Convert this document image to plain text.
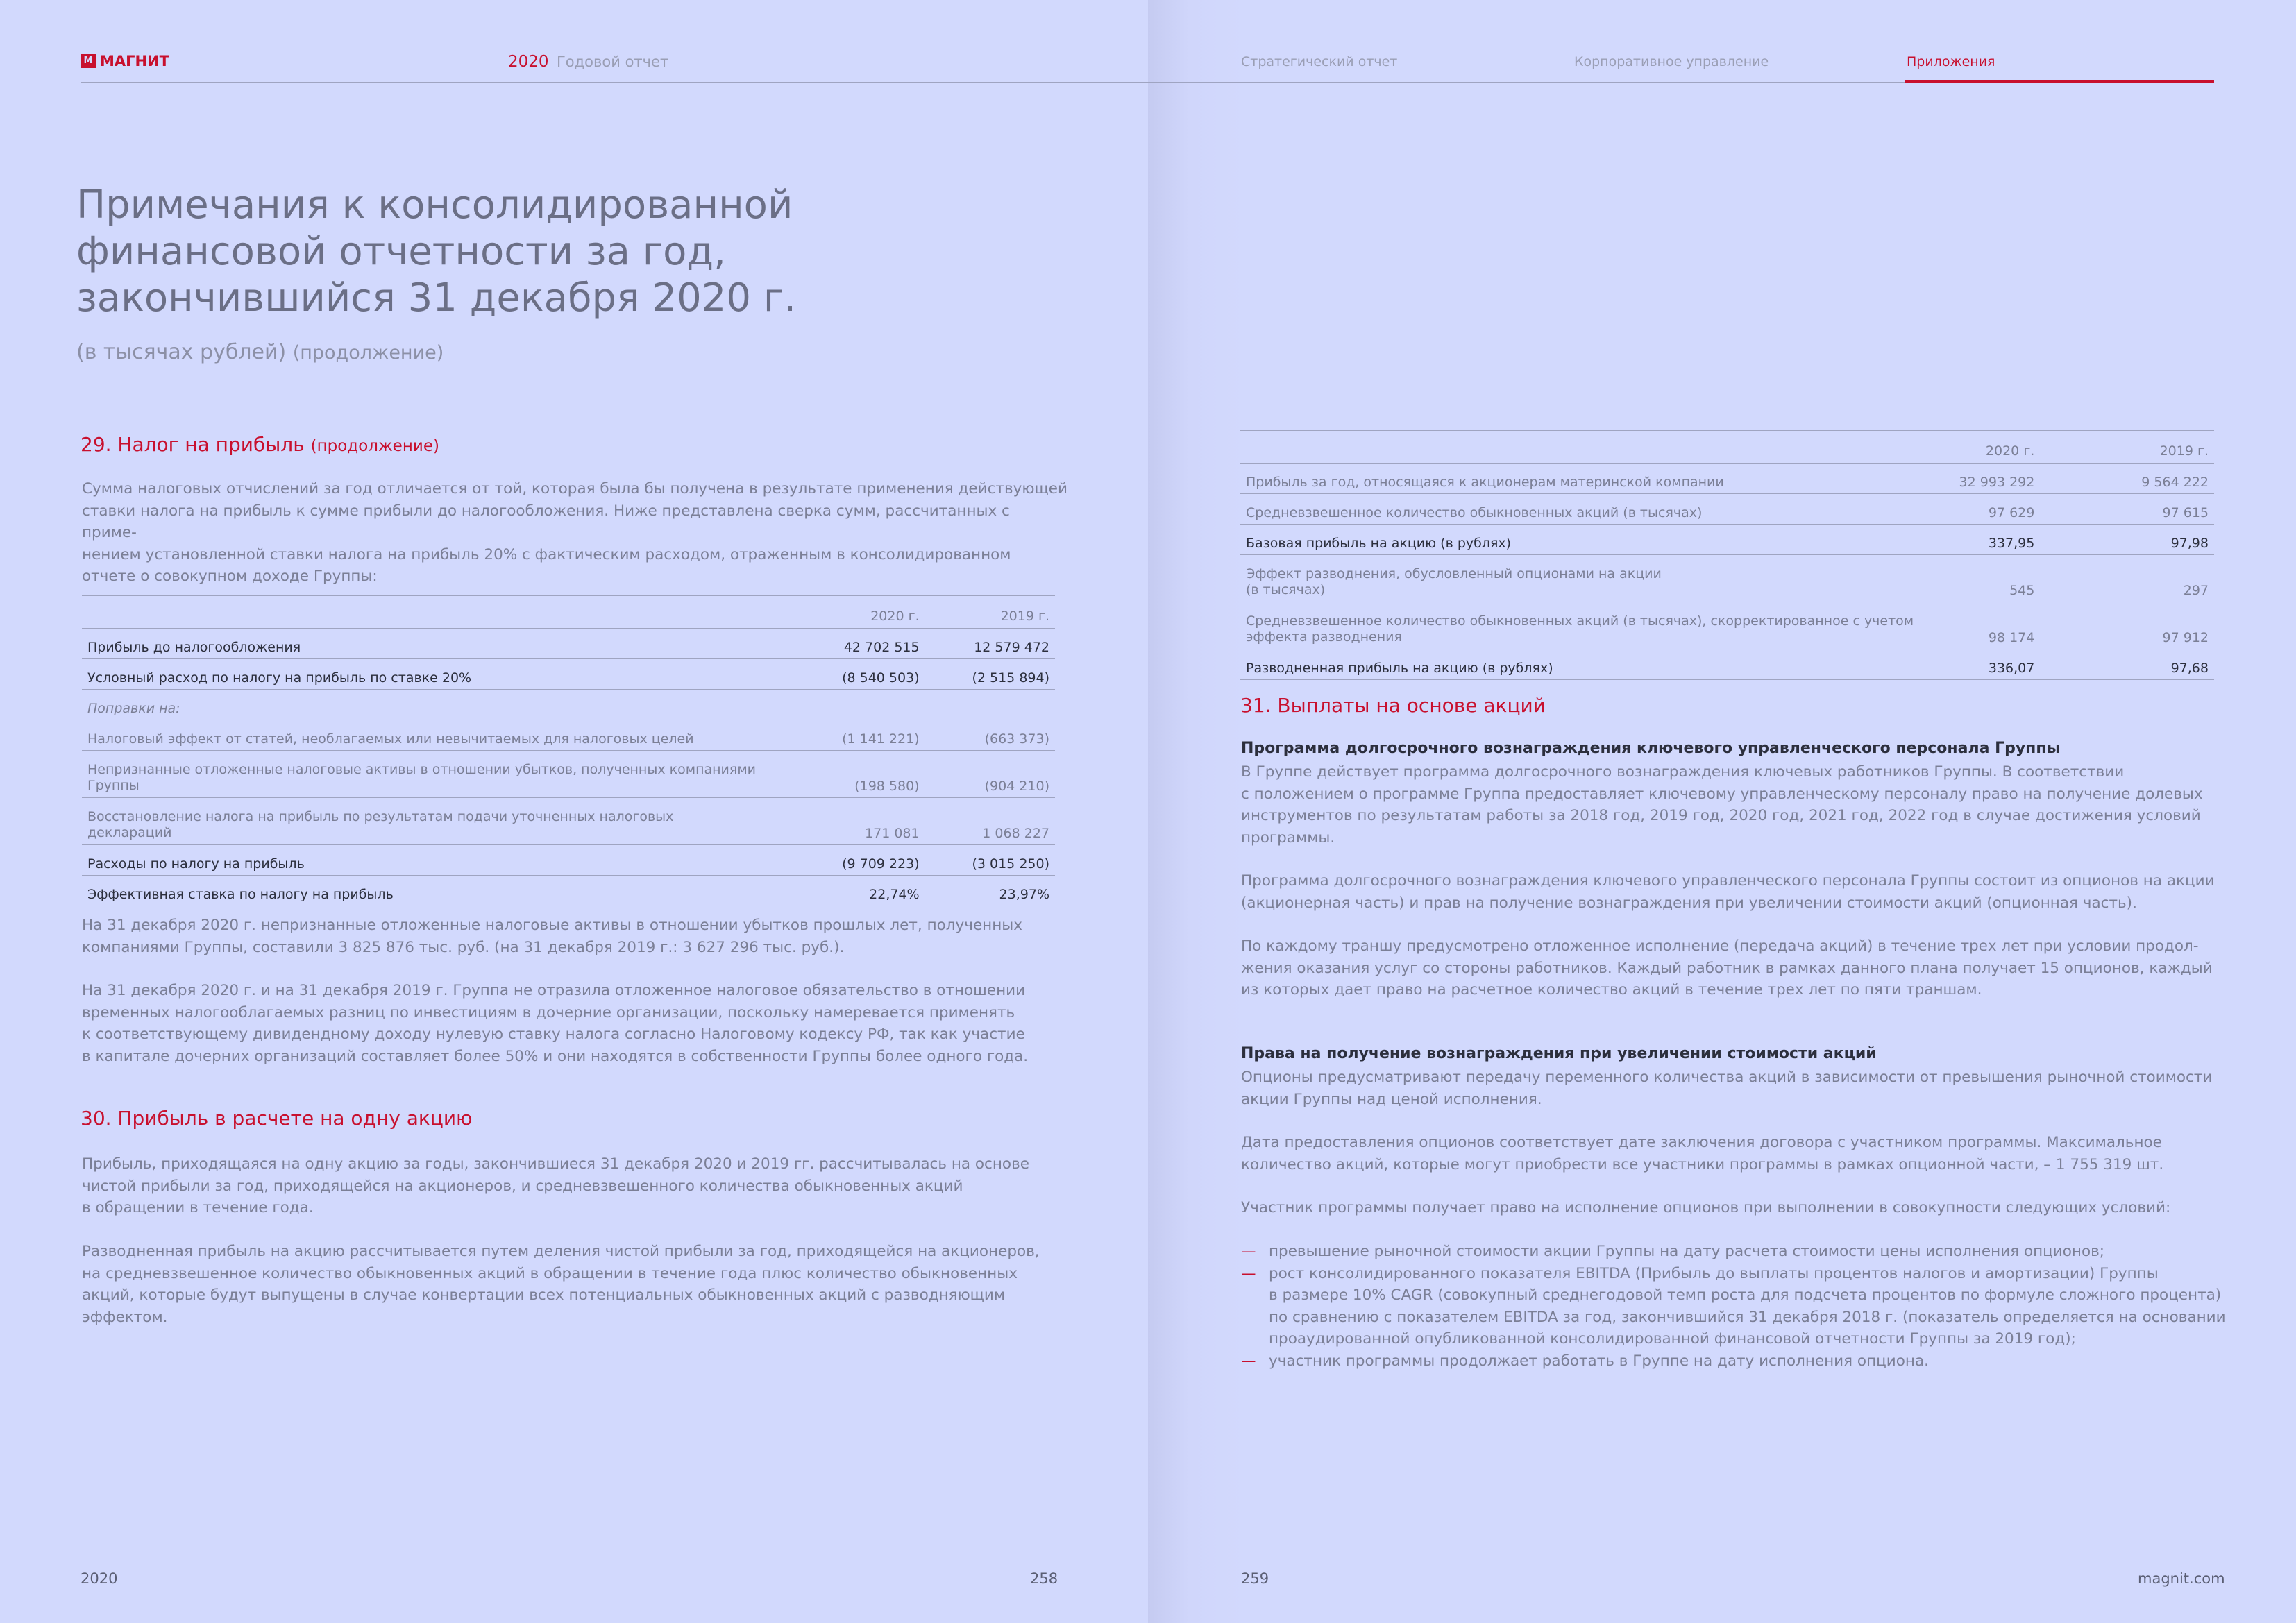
М МАГНИТ	2020 Годовой отчет	Стратегический отчет	Корпоративное управление	Приложения
Примечания к консолидированной
финансовой отчетности за год,
закончившийся 31 декабря 2020 г.
(в тысячах рублей) (продолжение)
29. Налог на прибыль (продолжение)
Сумма налоговых отчислений за год отличается от той, которая была бы получена в результате применения действующей
ставки налога на прибыль к сумме прибыли до налогообложения. Ниже представлена сверка сумм, рассчитанных с приме-
нением установленной ставки налога на прибыль 20% с фактическим расходом, отраженным в консолидированном
отчете о совокупном доходе Группы:
	2020 г.	2019 г.
Прибыль до налогообложения	42 702 515	12 579 472
Условный расход по налогу на прибыль по ставке 20%	(8 540 503)	(2 515 894)
Поправки на:		
Налоговый эффект от статей, необлагаемых или невычитаемых для налоговых целей	(1 141 221)	(663 373)

Непризнанные отложенные налоговые активы в отношении убытков, полученных компаниями
Группы	(198 580)	(904 210)

Восстановление налога на прибыль по результатам подачи уточненных налоговых
деклараций	171 081	1 068 227
Расходы по налогу на прибыль	(9 709 223)	(3 015 250)
Эффективная ставка по налогу на прибыль	22,74%	23,97%
На 31 декабря 2020 г. непризнанные отложенные налоговые активы в отношении убытков прошлых лет, полученных
компаниями Группы, составили 3 825 876 тыс. руб. (на 31 декабря 2019 г.: 3 627 296 тыс. руб.).
На 31 декабря 2020 г. и на 31 декабря 2019 г. Группа не отразила отложенное налоговое обязательство в отношении
временных налогооблагаемых разниц по инвестициям в дочерние организации, поскольку намеревается применять
к соответствующему дивидендному доходу нулевую ставку налога согласно Налоговому кодексу РФ, так как участие
в капитале дочерних организаций составляет более 50% и они находятся в собственности Группы более одного года.
30. Прибыль в расчете на одну акцию
Прибыль, приходящаяся на одну акцию за годы, закончившиеся 31 декабря 2020 и 2019 гг. рассчитывалась на основе
чистой прибыли за год, приходящейся на акционеров, и средневзвешенного количества обыкновенных акций
в обращении в течение года.
Разводненная прибыль на акцию рассчитывается путем деления чистой прибыли за год, приходящейся на акционеров,
на средневзвешенное количество обыкновенных акций в обращении в течение года плюс количество обыкновенных
акций, которые будут выпущены в случае конвертации всех потенциальных обыкновенных акций с разводняющим
эффектом.
	2020 г.	2019 г.
Прибыль за год, относящаяся к акционерам материнской компании	32 993 292	9 564 222
Средневзвешенное количество обыкновенных акций (в тысячах)	97 629	97 615
Базовая прибыль на акцию (в рублях)	337,95	97,98

Эффект разводнения, обусловленный опционами на акции
(в тысячах)	545	297

Средневзвешенное количество обыкновенных акций (в тысячах), скорректированное с учетом
эффекта разводнения	98 174	97 912
Разводненная прибыль на акцию (в рублях)	336,07	97,68
31. Выплаты на основе акций
Программа долгосрочного вознаграждения ключевого управленческого персонала Группы
В Группе действует программа долгосрочного вознаграждения ключевых работников Группы. В соответствии
с положением о программе Группа предоставляет ключевому управленческому персоналу право на получение долевых
инструментов по результатам работы за 2018 год, 2019 год, 2020 год, 2021 год, 2022 год в случае достижения условий
программы.
Программа долгосрочного вознаграждения ключевого управленческого персонала Группы состоит из опционов на акции
(акционерная часть) и прав на получение вознаграждения при увеличении стоимости акций (опционная часть).
По каждому траншу предусмотрено отложенное исполнение (передача акций) в течение трех лет при условии продол-
жения оказания услуг со стороны работников. Каждый работник в рамках данного плана получает 15 опционов, каждый
из которых дает право на расчетное количество акций в течение трех лет по пяти траншам.
Права на получение вознаграждения при увеличении стоимости акций
Опционы предусматривают передачу переменного количества акций в зависимости от превышения рыночной стоимости
акции Группы над ценой исполнения.
Дата предоставления опционов соответствует дате заключения договора с участником программы. Максимальное
количество акций, которые могут приобрести все участники программы в рамках опционной части, – 1 755 319 шт.
Участник программы получает право на исполнение опционов при выполнении в совокупности следующих условий:
— превышение рыночной стоимости акции Группы на дату расчета стоимости цены исполнения опционов;
— рост консолидированного показателя EBITDA (Прибыль до выплаты процентов налогов и амортизации) Группы
в размере 10% CAGR (совокупный среднегодовой темп роста для подсчета процентов по формуле сложного процента)
по сравнению с показателем EBITDA за год, закончившийся 31 декабря 2018 г. (показатель определяется на основании
проаудированной опубликованной консолидированной финансовой отчетности Группы за 2019 год);
— участник программы продолжает работать в Группе на дату исполнения опциона.
2020	258	259	magnit.com
